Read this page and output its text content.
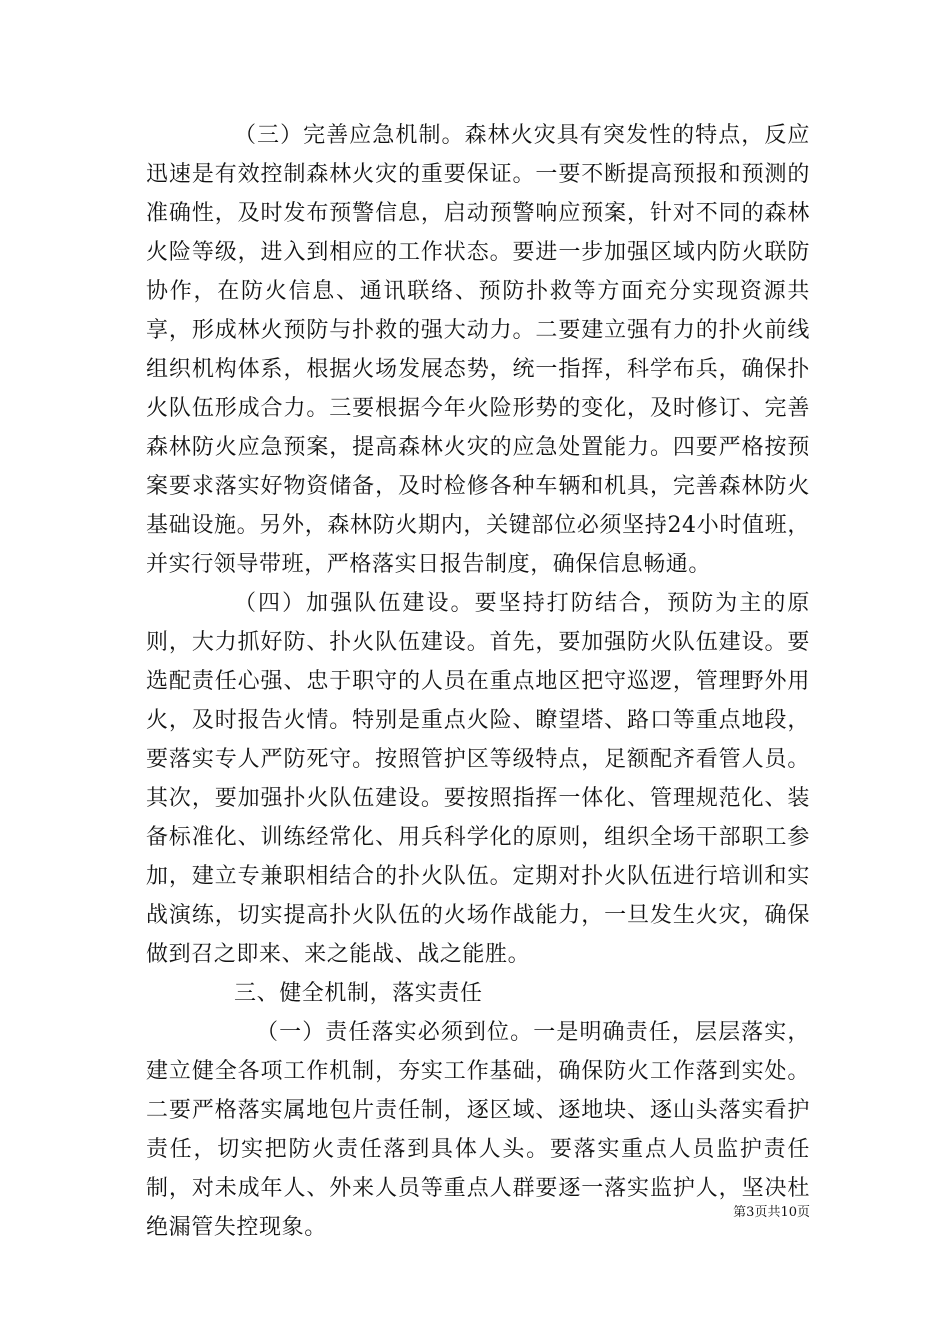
（三）完善应急机制。森林火灾具有突发性的特点，反应迅速是有效控制森林火灾的重要保证。一要不断提高预报和预测的准确性，及时发布预警信息，启动预警响应预案，针对不同的森林火险等级，进入到相应的工作状态。要进一步加强区域内防火联防协作，在防火信息、通讯联络、预防扑救等方面充分实现资源共享，形成林火预防与扑救的强大动力。二要建立强有力的扑火前线组织机构体系，根据火场发展态势，统一指挥，科学布兵，确保扑火队伍形成合力。三要根据今年火险形势的变化，及时修订、完善森林防火应急预案，提高森林火灾的应急处置能力。四要严格按预案要求落实好物资储备，及时检修各种车辆和机具，完善森林防火基础设施。另外，森林防火期内，关键部位必须坚持24小时值班，并实行领导带班，严格落实日报告制度，确保信息畅通。

（四）加强队伍建设。要坚持打防结合，预防为主的原则，大力抓好防、扑火队伍建设。首先，要加强防火队伍建设。要选配责任心强、忠于职守的人员在重点地区把守巡逻，管理野外用火，及时报告火情。特别是重点火险、瞭望塔、路口等重点地段，要落实专人严防死守。按照管护区等级特点，足额配齐看管人员。其次，要加强扑火队伍建设。要按照指挥一体化、管理规范化、装备标准化、训练经常化、用兵科学化的原则，组织全场干部职工参加，建立专兼职相结合的扑火队伍。定期对扑火队伍进行培训和实战演练，切实提高扑火队伍的火场作战能力，一旦发生火灾，确保做到召之即来、来之能战、战之能胜。

三、健全机制，落实责任

（一）责任落实必须到位。一是明确责任，层层落实，建立健全各项工作机制，夯实工作基础，确保防火工作落到实处。二要严格落实属地包片责任制，逐区域、逐地块、逐山头落实看护责任，切实把防火责任落到具体人头。要落实重点人员监护责任制，对未成年人、外来人员等重点人群要逐一落实监护人，坚决杜绝漏管失控现象。

第3页共10页
